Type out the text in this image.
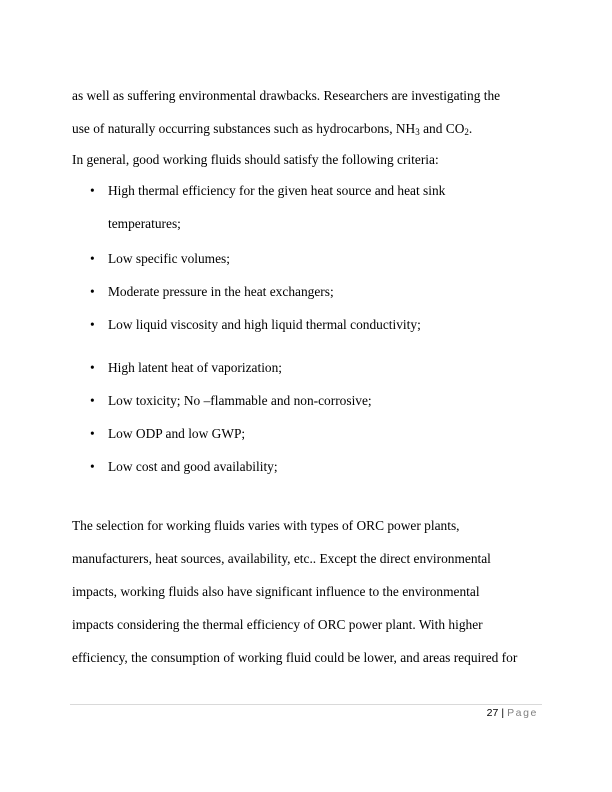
as well as suffering environmental drawbacks. Researchers are investigating the
use of naturally occurring substances such as hydrocarbons, $NH_3$ and $CO_2$.
In general, good working fluids should satisfy the following criteria:
• High thermal efficiency for the given heat source and heat sink
temperatures;
• Low specific volumes;
• Moderate pressure in the heat exchangers;
• Low liquid viscosity and high liquid thermal conductivity;
• High latent heat of vaporization;
• Low toxicity; No –flammable and non-corrosive;
• Low ODP and low GWP;
• Low cost and good availability;
The selection for working fluids varies with types of ORC power plants,
manufacturers, heat sources, availability, etc.. Except the direct environmental
impacts, working fluids also have significant influence to the environmental
impacts considering the thermal efficiency of ORC power plant. With higher
efficiency, the consumption of working fluid could be lower, and areas required for
27 | Page
